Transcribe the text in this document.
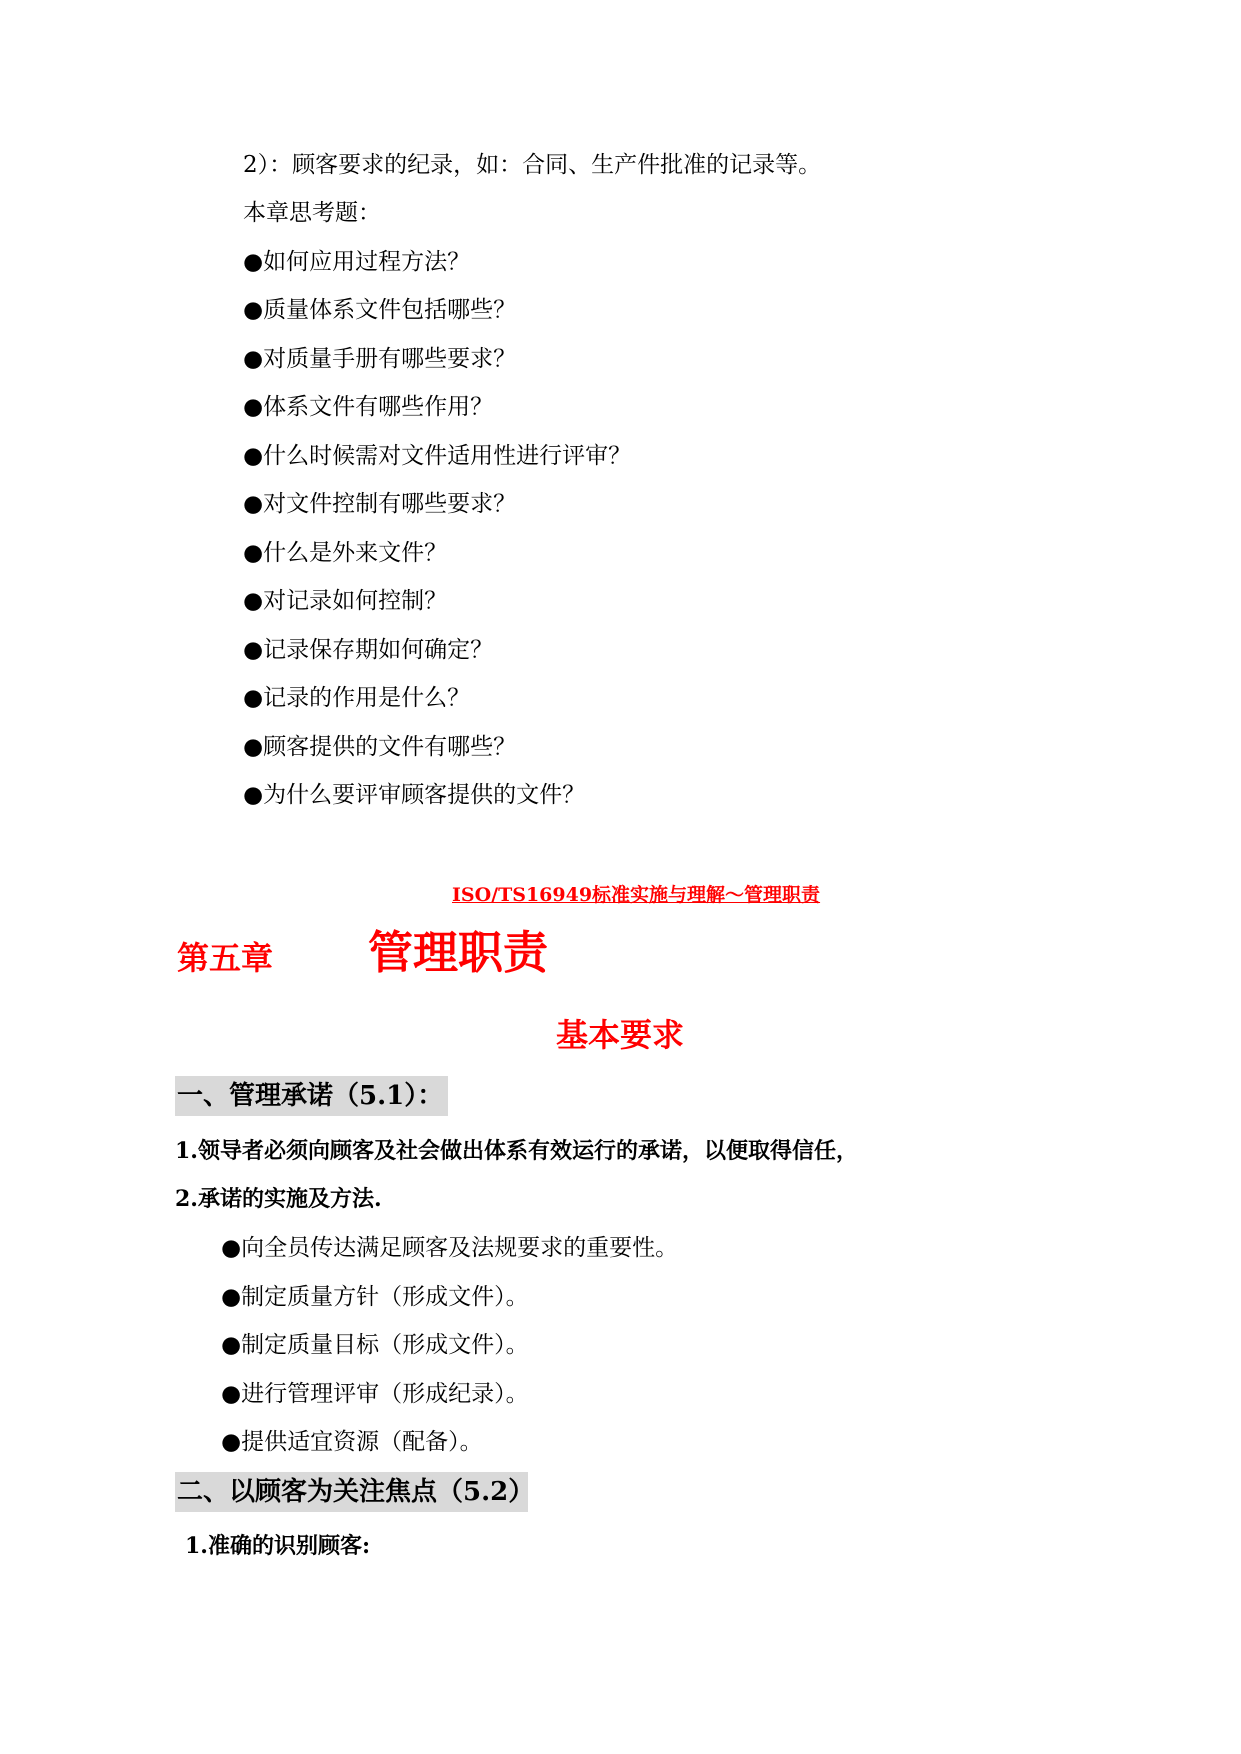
2）：顾客要求的纪录，如：合同、生产件批准的记录等。
本章思考题：
●如何应用过程方法？
●质量体系文件包括哪些？
●对质量手册有哪些要求？
●体系文件有哪些作用？
●什么时候需对文件适用性进行评审？
●对文件控制有哪些要求？
●什么是外来文件？
●对记录如何控制？
●记录保存期如何确定？
●记录的作用是什么？
●顾客提供的文件有哪些？
●为什么要评审顾客提供的文件？
ISO/TS16949标准实施与理解～管理职责
第五章 管理职责
基本要求
一、管理承诺（5.1）：
1.领导者必须向顾客及社会做出体系有效运行的承诺，以便取得信任，
2.承诺的实施及方法.
●向全员传达满足顾客及法规要求的重要性。
●制定质量方针（形成文件）。
●制定质量目标（形成文件）。
●进行管理评审（形成纪录）。
●提供适宜资源（配备）。
二、以顾客为关注焦点（5.2）
1.准确的识别顾客:
